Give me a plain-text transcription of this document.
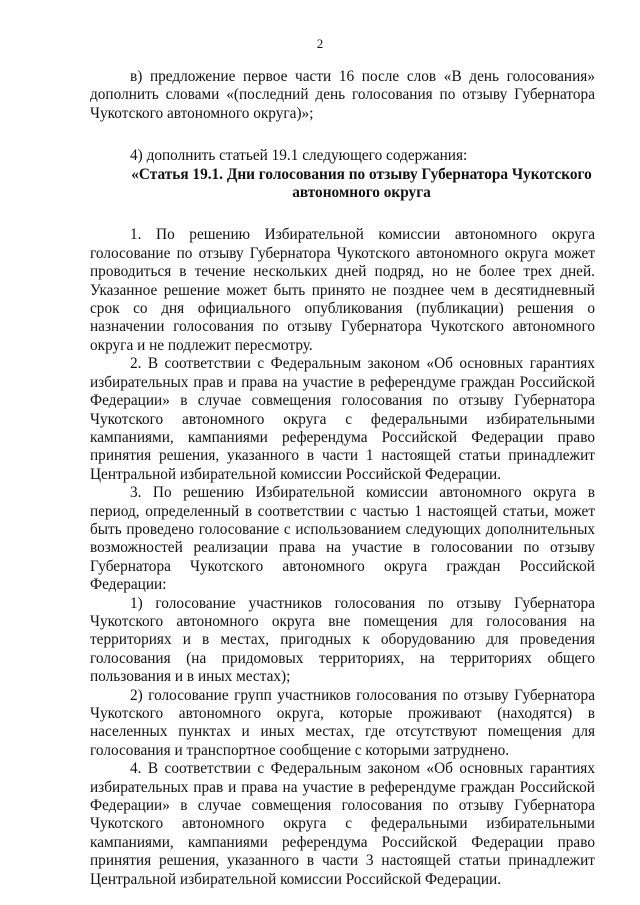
2

в) предложение первое части 16 после слов «В день голосования» дополнить словами «(последний день голосования по отзыву Губернатора Чукотского автономного округа)»;

4) дополнить статьей 19.1 следующего содержания:

«Статья 19.1. Дни голосования по отзыву Губернатора Чукотского автономного округа

1. По решению Избирательной комиссии автономного округа голосование по отзыву Губернатора Чукотского автономного округа может проводиться в течение нескольких дней подряд, но не более трех дней. Указанное решение может быть принято не позднее чем в десятидневный срок со дня официального опубликования (публикации) решения о назначении голосования по отзыву Губернатора Чукотского автономного округа и не подлежит пересмотру.

2. В соответствии с Федеральным законом «Об основных гарантиях избирательных прав и права на участие в референдуме граждан Российской Федерации» в случае совмещения голосования по отзыву Губернатора Чукотского автономного округа с федеральными избирательными кампаниями, кампаниями референдума Российской Федерации право принятия решения, указанного в части 1 настоящей статьи принадлежит Центральной избирательной комиссии Российской Федерации.

3. По решению Избирательной комиссии автономного округа в период, определенный в соответствии с частью 1 настоящей статьи, может быть проведено голосование с использованием следующих дополнительных возможностей реализации права на участие в голосовании по отзыву Губернатора Чукотского автономного округа граждан Российской Федерации:

1) голосование участников голосования по отзыву Губернатора Чукотского автономного округа вне помещения для голосования на территориях и в местах, пригодных к оборудованию для проведения голосования (на придомовых территориях, на территориях общего пользования и в иных местах);

2) голосование групп участников голосования по отзыву Губернатора Чукотского автономного округа, которые проживают (находятся) в населенных пунктах и иных местах, где отсутствуют помещения для голосования и транспортное сообщение с которыми затруднено.

4. В соответствии с Федеральным законом «Об основных гарантиях избирательных прав и права на участие в референдуме граждан Российской Федерации» в случае совмещения голосования по отзыву Губернатора Чукотского автономного округа с федеральными избирательными кампаниями, кампаниями референдума Российской Федерации право принятия решения, указанного в части 3 настоящей статьи принадлежит Центральной избирательной комиссии Российской Федерации.
